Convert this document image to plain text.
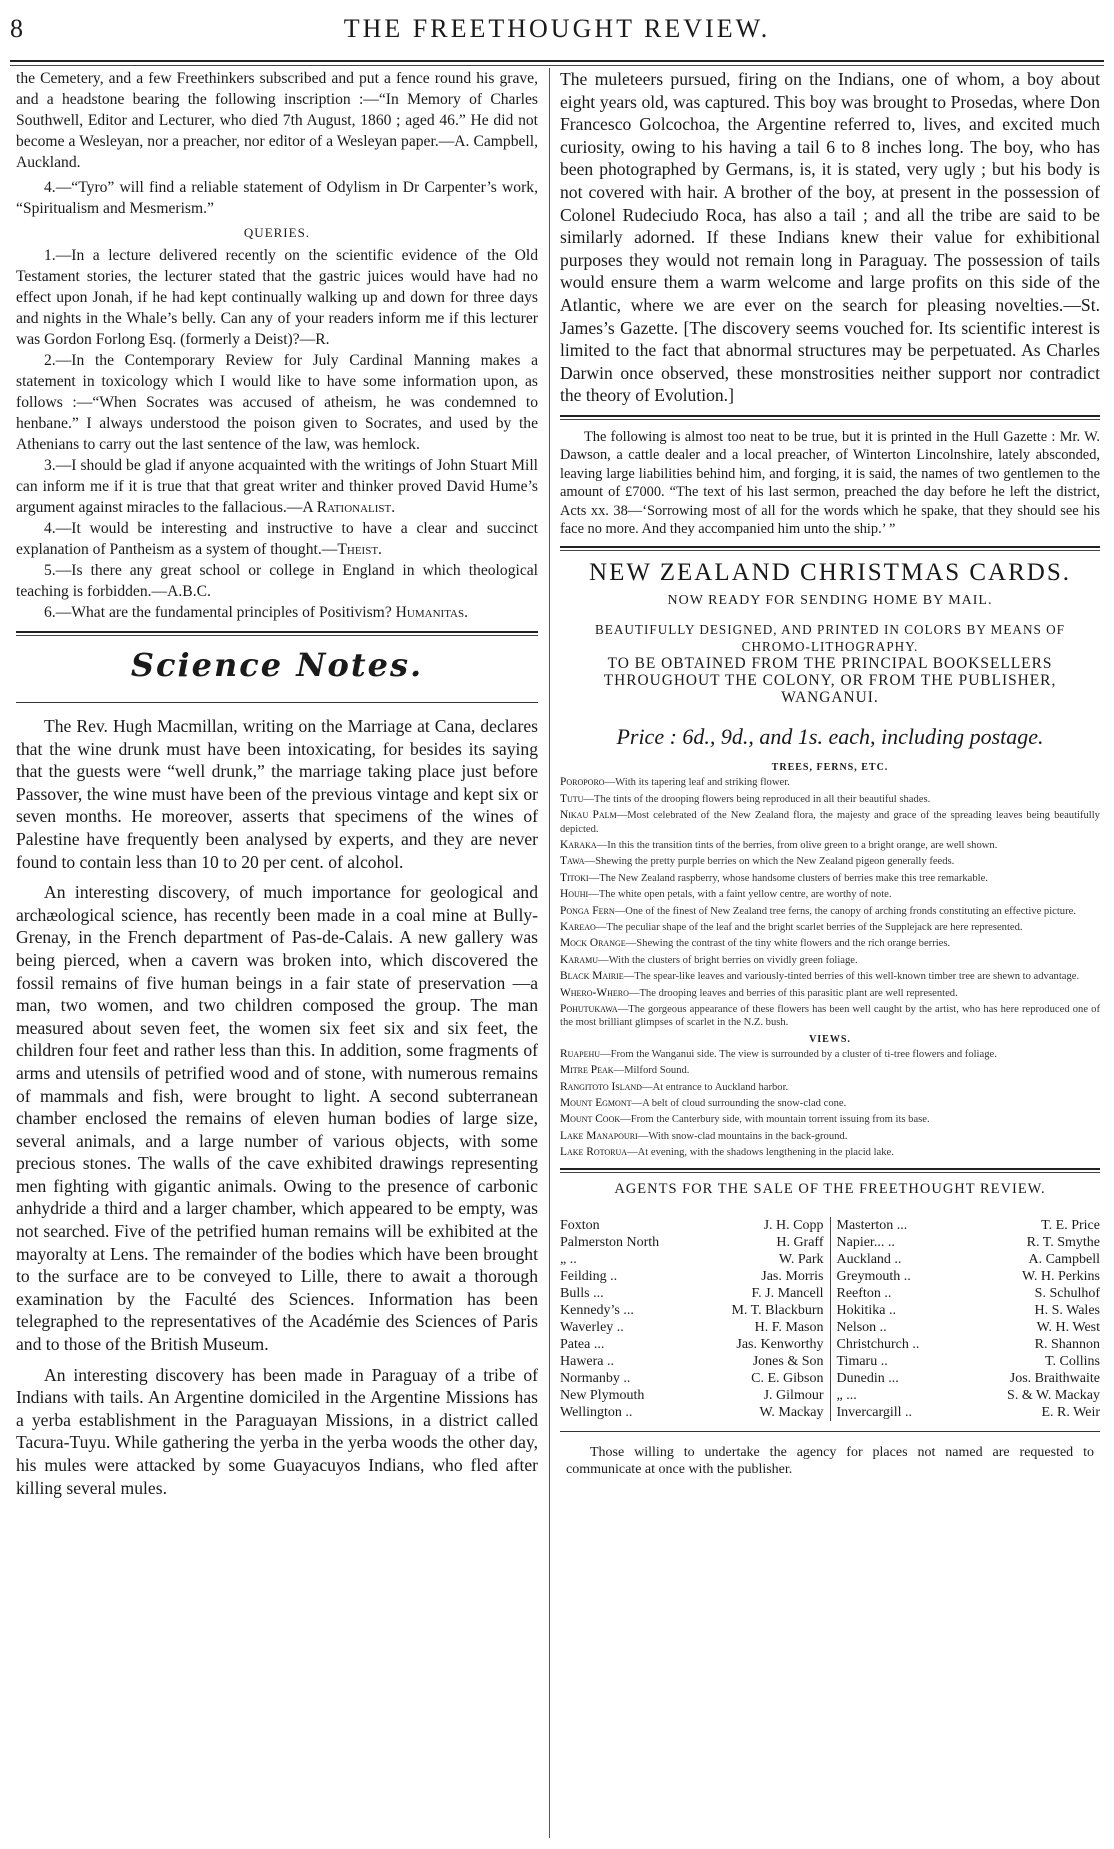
8	THE FREETHOUGHT REVIEW.

the Cemetery, and a few Freethinkers subscribed and put a fence round his grave, and a headstone bearing the following inscription :—“In Memory of Charles Southwell, Editor and Lecturer, who died 7th August, 1860 ; aged 46.” He did not become a Wesleyan, nor a preacher, nor editor of a Wesleyan paper.—A. Campbell, Auckland.

4.—“Tyro” will find a reliable statement of Odylism in Dr Carpenter’s work, “Spiritualism and Mesmerism.”

QUERIES.

1.—In a lecture delivered recently on the scientific evidence of the Old Testament stories, the lecturer stated that the gastric juices would have had no effect upon Jonah, if he had kept continually walking up and down for three days and nights in the Whale’s belly. Can any of your readers inform me if this lecturer was Gordon Forlong Esq. (formerly a Deist)?—R.

2.—In the Contemporary Review for July Cardinal Manning makes a statement in toxicology which I would like to have some information upon, as follows :—“When Socrates was accused of atheism, he was condemned to henbane.” I always understood the poison given to Socrates, and used by the Athenians to carry out the last sentence of the law, was hemlock.

3.—I should be glad if anyone acquainted with the writings of John Stuart Mill can inform me if it is true that that great writer and thinker proved David Hume’s argument against miracles to the fallacious.—A Rationalist.

4.—It would be interesting and instructive to have a clear and succinct explanation of Pantheism as a system of thought.—Theist.

5.—Is there any great school or college in England in which theological teaching is forbidden.—A.B.C.

6.—What are the fundamental principles of Positivism? Humanitas.

Science Notes.

The Rev. Hugh Macmillan, writing on the Marriage at Cana, declares that the wine drunk must have been intoxicating, for besides its saying that the guests were “well drunk,” the marriage taking place just before Passover, the wine must have been of the previous vintage and kept six or seven months. He moreover, asserts that specimens of the wines of Palestine have frequently been analysed by experts, and they are never found to contain less than 10 to 20 per cent. of alcohol.

An interesting discovery, of much importance for geological and archæological science, has recently been made in a coal mine at Bully-Grenay, in the French department of Pas-de-Calais. A new gallery was being pierced, when a cavern was broken into, which discovered the fossil remains of five human beings in a fair state of preservation —a man, two women, and two children composed the group. The man measured about seven feet, the women six feet six and six feet, the children four feet and rather less than this. In addition, some fragments of arms and utensils of petrified wood and of stone, with numerous remains of mammals and fish, were brought to light. A second subterranean chamber enclosed the remains of eleven human bodies of large size, several animals, and a large number of various objects, with some precious stones. The walls of the cave exhibited drawings representing men fighting with gigantic animals. Owing to the presence of carbonic anhydride a third and a larger chamber, which appeared to be empty, was not searched. Five of the petrified human remains will be exhibited at the mayoralty at Lens. The remainder of the bodies which have been brought to the surface are to be conveyed to Lille, there to await a thorough examination by the Faculté des Sciences. Information has been telegraphed to the representatives of the Académie des Sciences of Paris and to those of the British Museum.

An interesting discovery has been made in Paraguay of a tribe of Indians with tails. An Argentine domiciled in the Argentine Missions has a yerba establishment in the Paraguayan Missions, in a district called Tacura-Tuyu. While gathering the yerba in the yerba woods the other day, his mules were attacked by some Guayacuyos Indians, who fled after killing several mules.

The muleteers pursued, firing on the Indians, one of whom, a boy about eight years old, was captured. This boy was brought to Prosedas, where Don Francesco Golcochoa, the Argentine referred to, lives, and excited much curiosity, owing to his having a tail 6 to 8 inches long. The boy, who has been photographed by Germans, is, it is stated, very ugly ; but his body is not covered with hair. A brother of the boy, at present in the possession of Colonel Rudeciudo Roca, has also a tail ; and all the tribe are said to be similarly adorned. If these Indians knew their value for exhibitional purposes they would not remain long in Paraguay. The possession of tails would ensure them a warm welcome and large profits on this side of the Atlantic, where we are ever on the search for pleasing novelties.—St. James’s Gazette. [The discovery seems vouched for. Its scientific interest is limited to the fact that abnormal structures may be perpetuated. As Charles Darwin once observed, these monstrosities neither support nor contradict the theory of Evolution.]

The following is almost too neat to be true, but it is printed in the Hull Gazette : Mr. W. Dawson, a cattle dealer and a local preacher, of Winterton Lincolnshire, lately absconded, leaving large liabilities behind him, and forging, it is said, the names of two gentlemen to the amount of £7000. “The text of his last sermon, preached the day before he left the district, Acts xx. 38—‘Sorrowing most of all for the words which he spake, that they should see his face no more. And they accompanied him unto the ship.’ ”

NEW ZEALAND CHRISTMAS CARDS.
NOW READY FOR SENDING HOME BY MAIL.
BEAUTIFULLY DESIGNED, AND PRINTED IN COLORS BY MEANS OF CHROMO-LITHOGRAPHY.
TO BE OBTAINED FROM THE PRINCIPAL BOOKSELLERS THROUGHOUT THE COLONY, OR FROM THE PUBLISHER, WANGANUI.
Price : 6d., 9d., and 1s. each, including postage.
TREES, FERNS, ETC.
Poroporo—With its tapering leaf and striking flower.
Tutu—The tints of the drooping flowers being reproduced in all their beautiful shades.
Nikau Palm—Most celebrated of the New Zealand flora, the majesty and grace of the spreading leaves being beautifully depicted.
Karaka—In this the transition tints of the berries, from olive green to a bright orange, are well shown.
Tawa—Shewing the pretty purple berries on which the New Zealand pigeon generally feeds.
Titoki—The New Zealand raspberry, whose handsome clusters of berries make this tree remarkable.
Houhi—The white open petals, with a faint yellow centre, are worthy of note.
Ponga Fern—One of the finest of New Zealand tree ferns, the canopy of arching fronds constituting an effective picture.
Kareao—The peculiar shape of the leaf and the bright scarlet berries of the Supplejack are here represented.
Mock Orange—Shewing the contrast of the tiny white flowers and the rich orange berries.
Karamu—With the clusters of bright berries on vividly green foliage.
Black Mairie—The spear-like leaves and variously-tinted berries of this well-known timber tree are shewn to advantage.
Whero-Whero—The drooping leaves and berries of this parasitic plant are well represented.
Pohutukawa—The gorgeous appearance of these flowers has been well caught by the artist, who has here reproduced one of the most brilliant glimpses of scarlet in the N.Z. bush.
VIEWS.
Ruapehu—From the Wanganui side. The view is surrounded by a cluster of ti-tree flowers and foliage.
Mitre Peak—Milford Sound.
Rangitoto Island—At entrance to Auckland harbor.
Mount Egmont—A belt of cloud surrounding the snow-clad cone.
Mount Cook—From the Canterbury side, with mountain torrent issuing from its base.
Lake Manapouri—With snow-clad mountains in the back-ground.
Lake Rotorua—At evening, with the shadows lengthening in the placid lake.
AGENTS FOR THE SALE OF THE FREETHOUGHT REVIEW.
Foxton	J. H. Copp
Palmerston North	H. Graff
„ ..	W. Park
Feilding ..	Jas. Morris
Bulls ...	F. J. Mancell
Kennedy’s ...	M. T. Blackburn
Waverley ..	H. F. Mason
Patea ...	Jas. Kenworthy
Hawera ..	Jones & Son
Normanby ..	C. E. Gibson
New Plymouth	J. Gilmour
Wellington ..	W. Mackay
Masterton ...	T. E. Price
Napier... ..	R. T. Smythe
Auckland ..	A. Campbell
Greymouth ..	W. H. Perkins
Reefton ..	S. Schulhof
Hokitika ..	H. S. Wales
Nelson ..	W. H. West
Christchurch ..	R. Shannon
Timaru ..	T. Collins
Dunedin ...	Jos. Braithwaite
„ ...	S. & W. Mackay
Invercargill ..	E. R. Weir

Those willing to undertake the agency for places not named are requested to communicate at once with the publisher.
